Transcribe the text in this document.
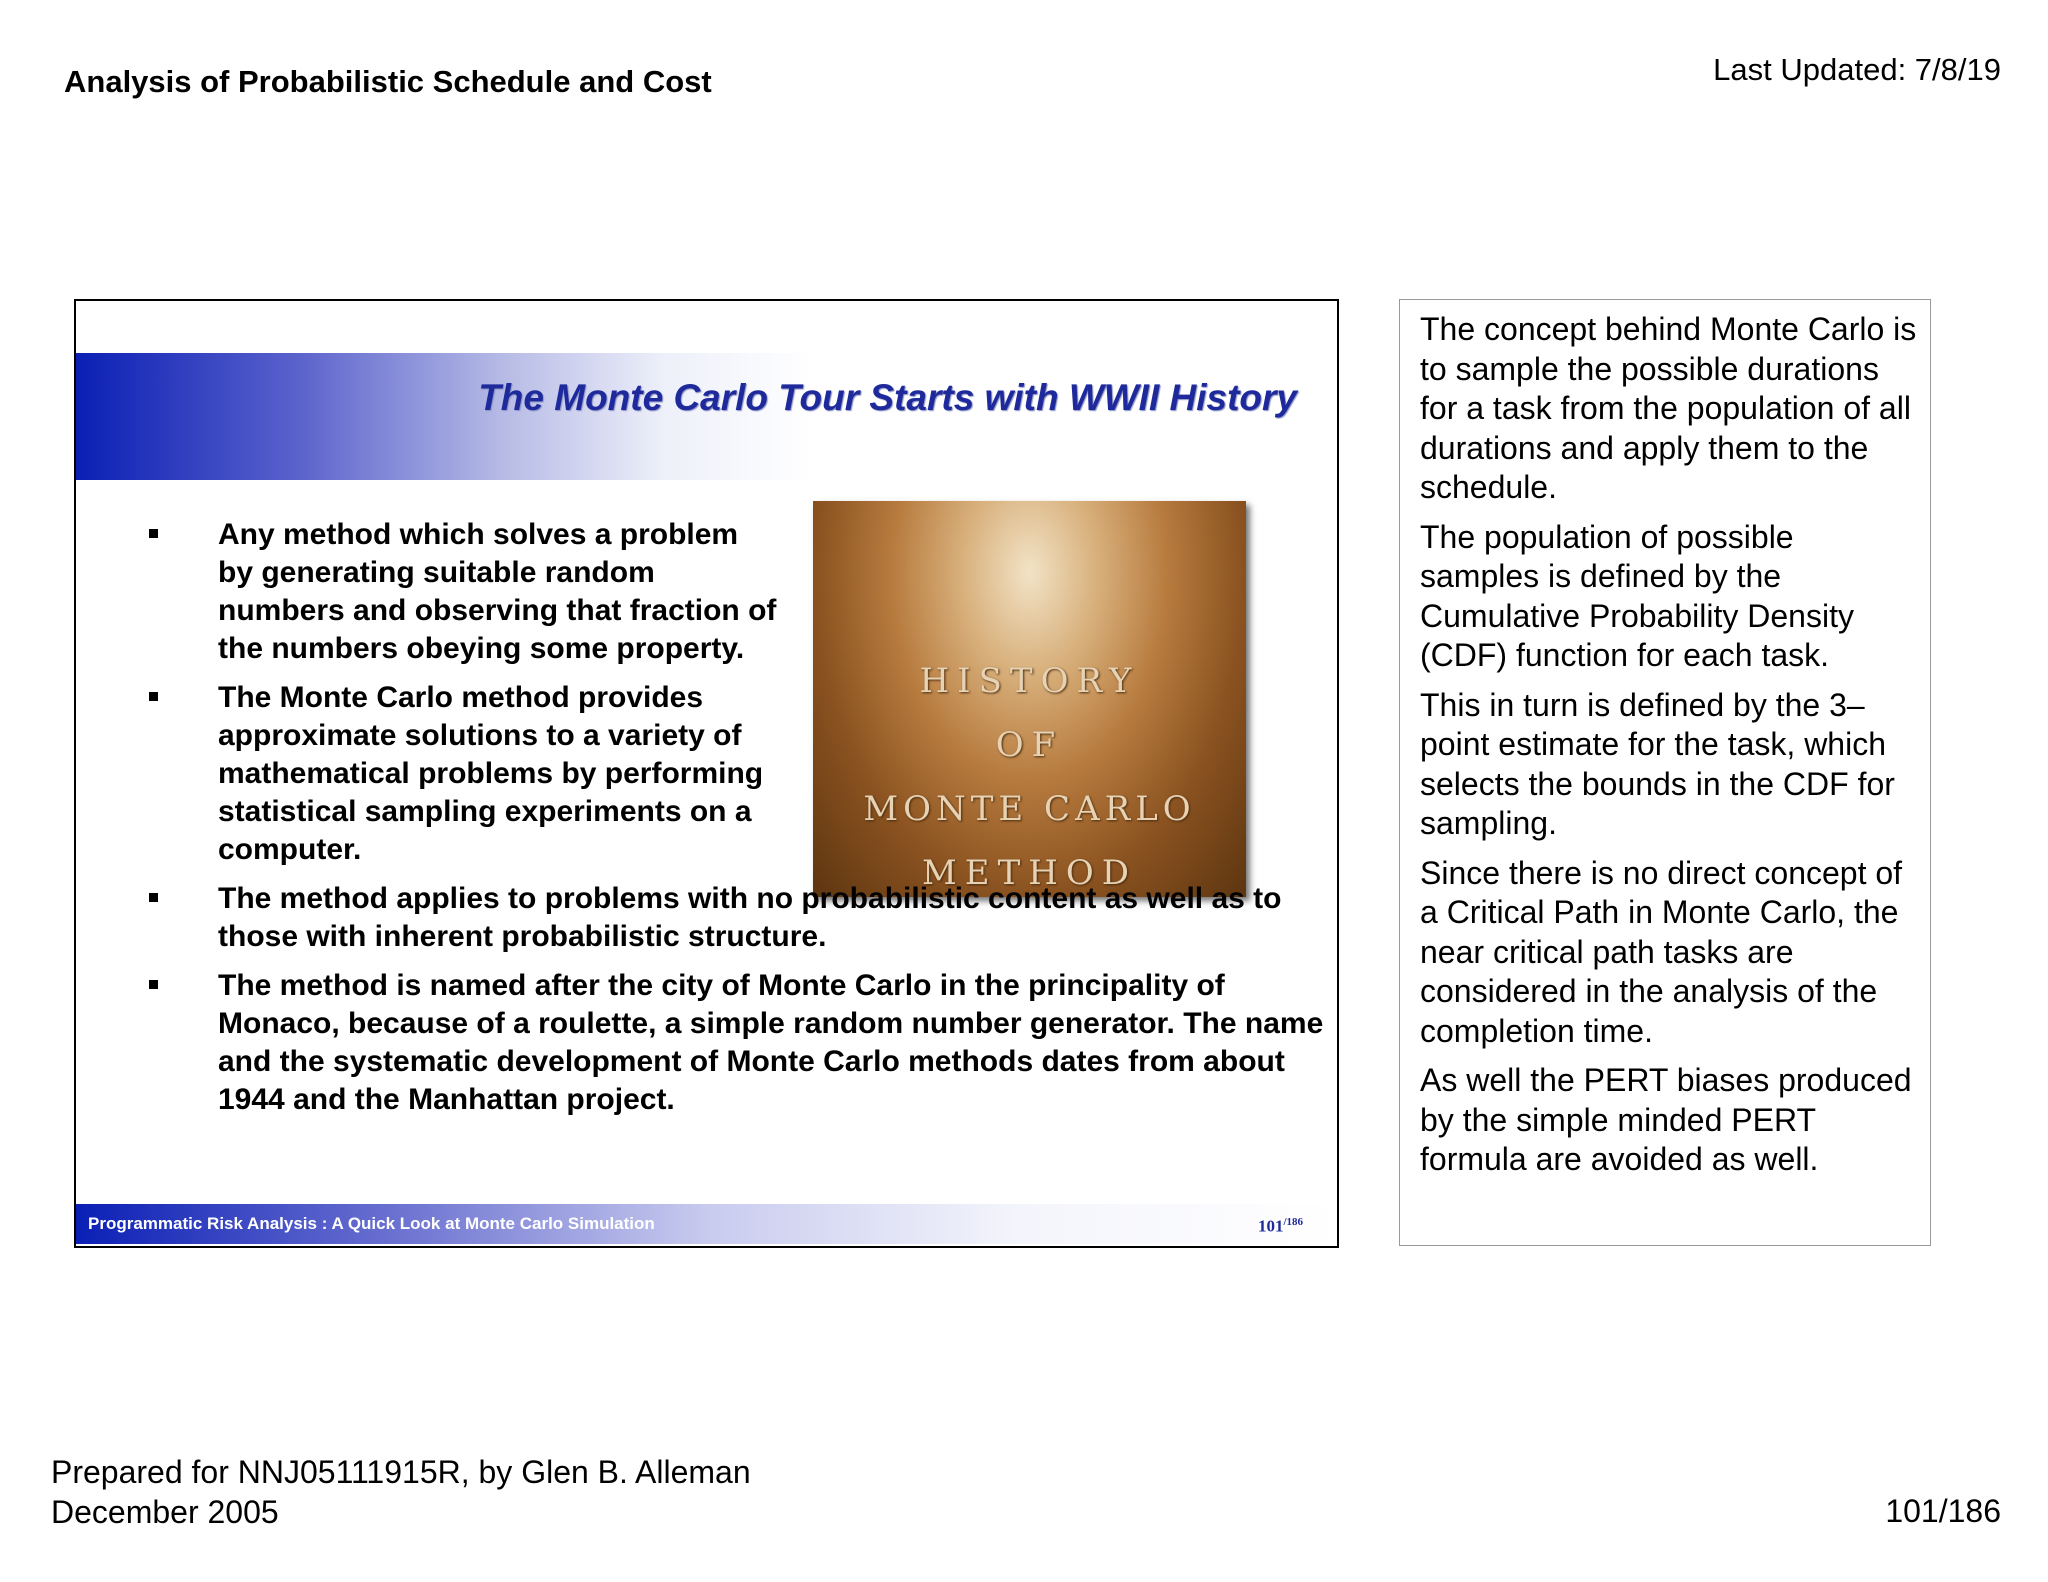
Analysis of Probabilistic Schedule and Cost	Last Updated: 7/8/19
The Monte Carlo Tour Starts with WWII History
HISTORY
OF
MONTE CARLO
METHOD
Any method which solves a problem by generating suitable random numbers and observing that fraction of the numbers obeying some property.
The Monte Carlo method provides approximate solutions to a variety of mathematical problems by performing statistical sampling experiments on a computer.
The method applies to problems with no probabilistic content as well as to those with inherent probabilistic structure.
The method is named after the city of Monte Carlo in the principality of Monaco, because of a roulette, a simple random number generator. The name and the systematic development of Monte Carlo methods dates from about 1944 and the Manhattan project.
Programmatic Risk Analysis : A Quick Look at Monte Carlo Simulation	$101^{/186}$

The concept behind Monte Carlo is to sample the possible durations for a task from the population of all durations and apply them to the schedule.

The population of possible samples is defined by the Cumulative Probability Density (CDF) function for each task.

This in turn is defined by the 3–point estimate for the task, which selects the bounds in the CDF for sampling.

Since there is no direct concept of a Critical Path in Monte Carlo, the near critical path tasks are considered in the analysis of the completion time.

As well the PERT biases produced by the simple minded PERT formula are avoided as well.

Prepared for NNJ05111915R, by Glen B. Alleman
December 2005	101/186
